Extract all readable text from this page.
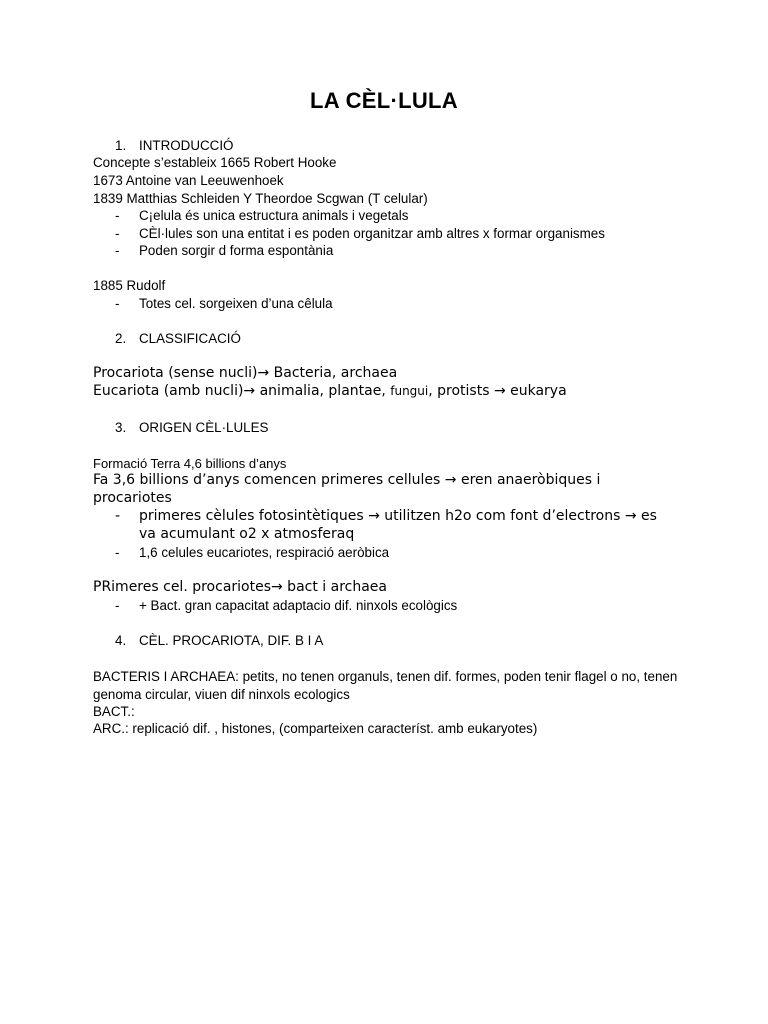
LA CÈL·LULA
1. INTRODUCCIÓ
Concepte s’estableix 1665 Robert Hooke
1673 Antoine van Leeuwenhoek
1839 Matthias Schleiden Y Theordoe Scgwan (T celular)
- C¡elula és unica estructura animals i vegetals
- CÈl·lules son una entitat i es poden organitzar amb altres x formar organismes
- Poden sorgir d forma espontània
1885 Rudolf
- Totes cel. sorgeixen d’una cêlula
2. CLASSIFICACIÓ
Procariota (sense nucli)→ Bacteria, archaea
Eucariota (amb nucli)→ animalia, plantae, fungui, protists → eukarya
3. ORIGEN CÈL·LULES
Formació Terra 4,6 billions d’anys
Fa 3,6 billions d’anys comencen primeres cellules → eren anaeròbiques i procariotes
- primeres cèlules fotosintètiques → utilitzen h2o com font d’electrons → es va acumulant o2 x atmosferaq
- 1,6 celules eucariotes, respiració aeròbica
PRimeres cel. procariotes→ bact i archaea
- + Bact. gran capacitat adaptacio dif. ninxols ecològics
4. CÈL. PROCARIOTA, DIF. B I A
BACTERIS I ARCHAEA: petits, no tenen organuls, tenen dif. formes, poden tenir flagel o no, tenen genoma circular, viuen dif ninxols ecologics
BACT.:
ARC.: replicació dif. , histones, (comparteixen característ. amb eukaryotes)
